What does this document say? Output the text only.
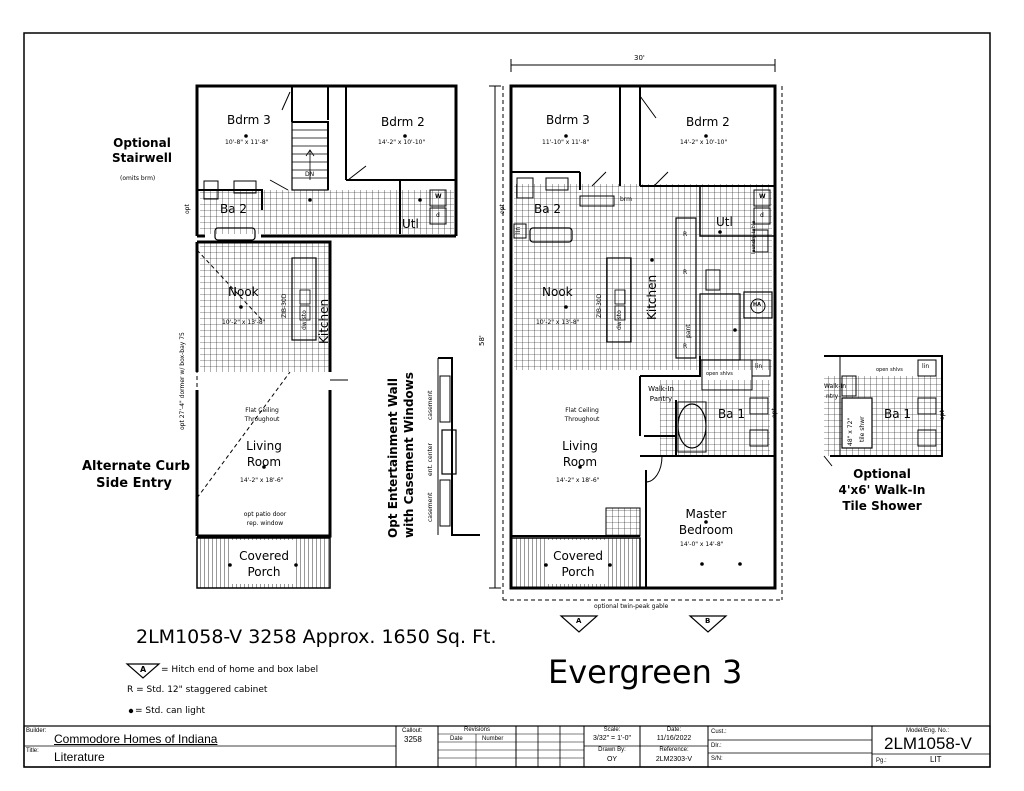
Optional
Stairwell
(omits brm)
Bdrm 3
10'-8" x 11'-8"
Bdrm 2
14'-2" x 10'-10"
DN
Ba 2
Utl
W
d
opt
Nook
10'-2" x 13'-8"
ZIB-30D
dw sto Kitchen
opt 27'-4" dormer w/ box-bay 75	Flat Ceiling
Throughout
Living
Room
14'-2" x 18'-6"
opt patio door
rep. window
Covered
Porch
Alternate Curb
Side Entry	Opt Entertainment Wall with Casement Windows casement
ent. center
casement
30'
58'
Bdrm 3
11'-10" x 11'-8"
Bdrm 2
14'-2" x 10'-10"
brm
Ba 2
lin
opt
W
d
Utl	laundry table
Nook
10'-2" x 13'-8"
ZIB-30D
dw sto
Kitchen
R
R
R
pant
HA
open shlvs
lin
Walk-In
Pantry
Ba 1	opt
Flat Ceiling
Throughout
Living
Room
14'-2" x 18'-6"
Master
Bedroom
14'-0" x 14'-8"
Covered
Porch
optional twin-peak gable
A	B
open shlvs	lin
Walk-In
ntry
48" x 72" tile shwr
Ba 1	opt
Optional
4'x6' Walk-In
Tile Shower
2LM1058-V 3258 Approx. 1650 Sq. Ft.
Evergreen 3
= Hitch end of home and box label
A
R = Std. 12" staggered cabinet
= Std. can light
Builder:
Commodore Homes of Indiana
Title: Literature
Callout:
3258
Revisions
Date	Number
Scale:
3/32" = 1'-0"
Drawn By:
OY
Date:
11/16/2022
Reference:
2LM2303-V
Cust.:
Dlr.:
S/N:
Model/Eng. No.:
2LM1058-V
Pg.:	LIT
